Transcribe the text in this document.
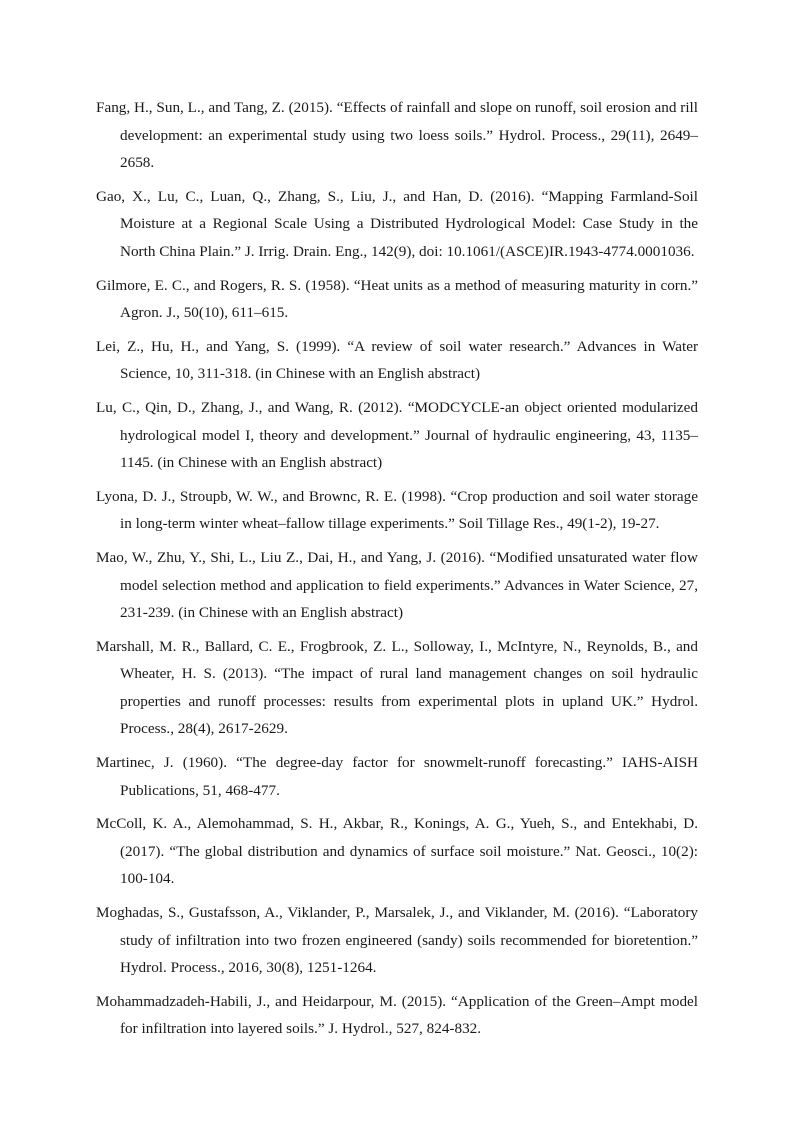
Fang, H., Sun, L., and Tang, Z. (2015). “Effects of rainfall and slope on runoff, soil erosion and rill development: an experimental study using two loess soils.” Hydrol. Process., 29(11), 2649–2658.
Gao, X., Lu, C., Luan, Q., Zhang, S., Liu, J., and Han, D. (2016). “Mapping Farmland-Soil Moisture at a Regional Scale Using a Distributed Hydrological Model: Case Study in the North China Plain.” J. Irrig. Drain. Eng., 142(9), doi: 10.1061/(ASCE)IR.1943-4774.0001036.
Gilmore, E. C., and Rogers, R. S. (1958). “Heat units as a method of measuring maturity in corn.” Agron. J., 50(10), 611–615.
Lei, Z., Hu, H., and Yang, S. (1999). “A review of soil water research.” Advances in Water Science, 10, 311-318. (in Chinese with an English abstract)
Lu, C., Qin, D., Zhang, J., and Wang, R. (2012). “MODCYCLE-an object oriented modularized hydrological model I, theory and development.” Journal of hydraulic engineering, 43, 1135–1145. (in Chinese with an English abstract)
Lyona, D. J., Stroupb, W. W., and Brownc, R. E. (1998). “Crop production and soil water storage in long-term winter wheat–fallow tillage experiments.” Soil Tillage Res., 49(1-2), 19-27.
Mao, W., Zhu, Y., Shi, L., Liu Z., Dai, H., and Yang, J. (2016). “Modified unsaturated water flow model selection method and application to field experiments.” Advances in Water Science, 27, 231-239. (in Chinese with an English abstract)
Marshall, M. R., Ballard, C. E., Frogbrook, Z. L., Solloway, I., McIntyre, N., Reynolds, B., and Wheater, H. S. (2013). “The impact of rural land management changes on soil hydraulic properties and runoff processes: results from experimental plots in upland UK.” Hydrol. Process., 28(4), 2617-2629.
Martinec, J. (1960). “The degree-day factor for snowmelt-runoff forecasting.” IAHS-AISH Publications, 51, 468-477.
McColl, K. A., Alemohammad, S. H., Akbar, R., Konings, A. G., Yueh, S., and Entekhabi, D. (2017). “The global distribution and dynamics of surface soil moisture.” Nat. Geosci., 10(2): 100-104.
Moghadas, S., Gustafsson, A., Viklander, P., Marsalek, J., and Viklander, M. (2016). “Laboratory study of infiltration into two frozen engineered (sandy) soils recommended for bioretention.” Hydrol. Process., 2016, 30(8), 1251-1264.
Mohammadzadeh-Habili, J., and Heidarpour, M. (2015). “Application of the Green–Ampt model for infiltration into layered soils.” J. Hydrol., 527, 824-832.
